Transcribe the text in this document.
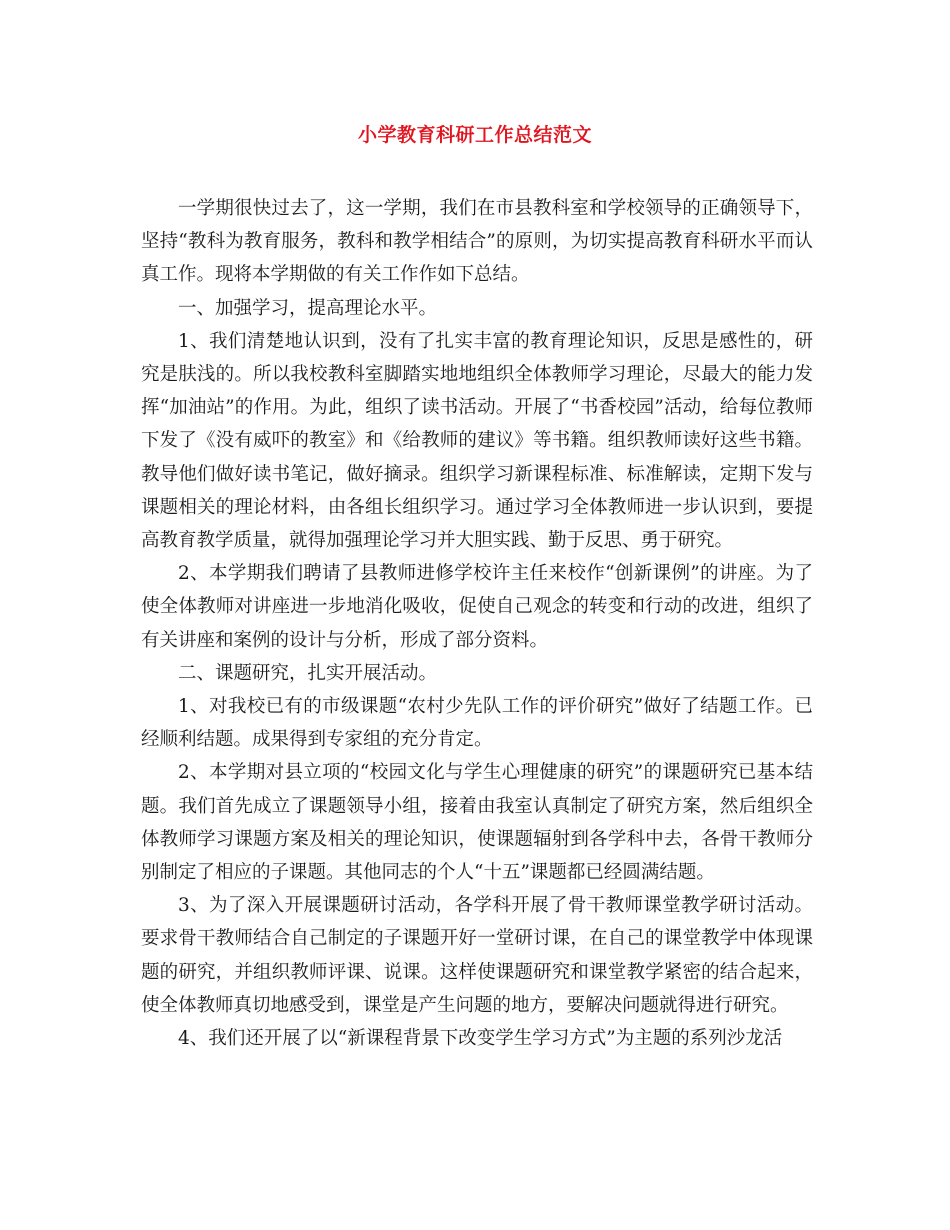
小学教育科研工作总结范文

一学期很快过去了，这一学期，我们在市县教科室和学校领导的正确领导下，坚持“教科为教育服务，教科和教学相结合”的原则，为切实提高教育科研水平而认真工作。现将本学期做的有关工作作如下总结。

一、加强学习，提高理论水平。

1、我们清楚地认识到，没有了扎实丰富的教育理论知识，反思是感性的，研究是肤浅的。所以我校教科室脚踏实地地组织全体教师学习理论，尽最大的能力发挥“加油站”的作用。为此，组织了读书活动。开展了“书香校园”活动，给每位教师下发了《没有威吓的教室》和《给教师的建议》等书籍。组织教师读好这些书籍。教导他们做好读书笔记，做好摘录。组织学习新课程标准、标准解读，定期下发与课题相关的理论材料，由各组长组织学习。通过学习全体教师进一步认识到，要提高教育教学质量，就得加强理论学习并大胆实践、勤于反思、勇于研究。

2、本学期我们聘请了县教师进修学校许主任来校作“创新课例”的讲座。为了使全体教师对讲座进一步地消化吸收，促使自己观念的转变和行动的改进，组织了有关讲座和案例的设计与分析，形成了部分资料。

二、课题研究，扎实开展活动。

1、对我校已有的市级课题“农村少先队工作的评价研究”做好了结题工作。已经顺利结题。成果得到专家组的充分肯定。

2、本学期对县立项的“校园文化与学生心理健康的研究”的课题研究已基本结题。我们首先成立了课题领导小组，接着由我室认真制定了研究方案，然后组织全体教师学习课题方案及相关的理论知识，使课题辐射到各学科中去，各骨干教师分别制定了相应的子课题。其他同志的个人“十五”课题都已经圆满结题。

3、为了深入开展课题研讨活动，各学科开展了骨干教师课堂教学研讨活动。要求骨干教师结合自己制定的子课题开好一堂研讨课，在自己的课堂教学中体现课题的研究，并组织教师评课、说课。这样使课题研究和课堂教学紧密的结合起来，使全体教师真切地感受到，课堂是产生问题的地方，要解决问题就得进行研究。

4、我们还开展了以“新课程背景下改变学生学习方式”为主题的系列沙龙活
